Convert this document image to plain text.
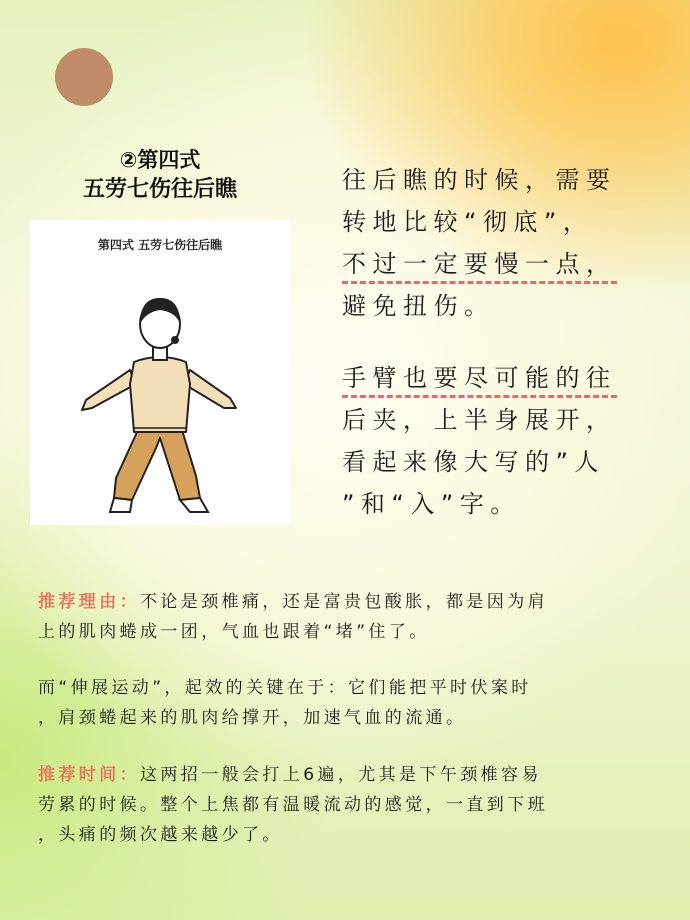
②第四式
五劳七伤往后瞧
第四式 五劳七伤往后瞧
往后瞧的时候，需要
转地比较“彻底”，
不过一定要慢一点，
避免扭伤。
手臂也要尽可能的往
后夹，上半身展开，
看起来像大写的”人
”和“入”字。
推荐理由：不论是颈椎痛，还是富贵包酸胀，都是因为肩
上的肌肉蜷成一团，气血也跟着“堵”住了。
而“伸展运动”，起效的关键在于：它们能把平时伏案时
，肩颈蜷起来的肌肉给撑开，加速气血的流通。
推荐时间：这两招一般会打上6遍，尤其是下午颈椎容易
劳累的时候。整个上焦都有温暖流动的感觉，一直到下班
，头痛的频次越来越少了。
